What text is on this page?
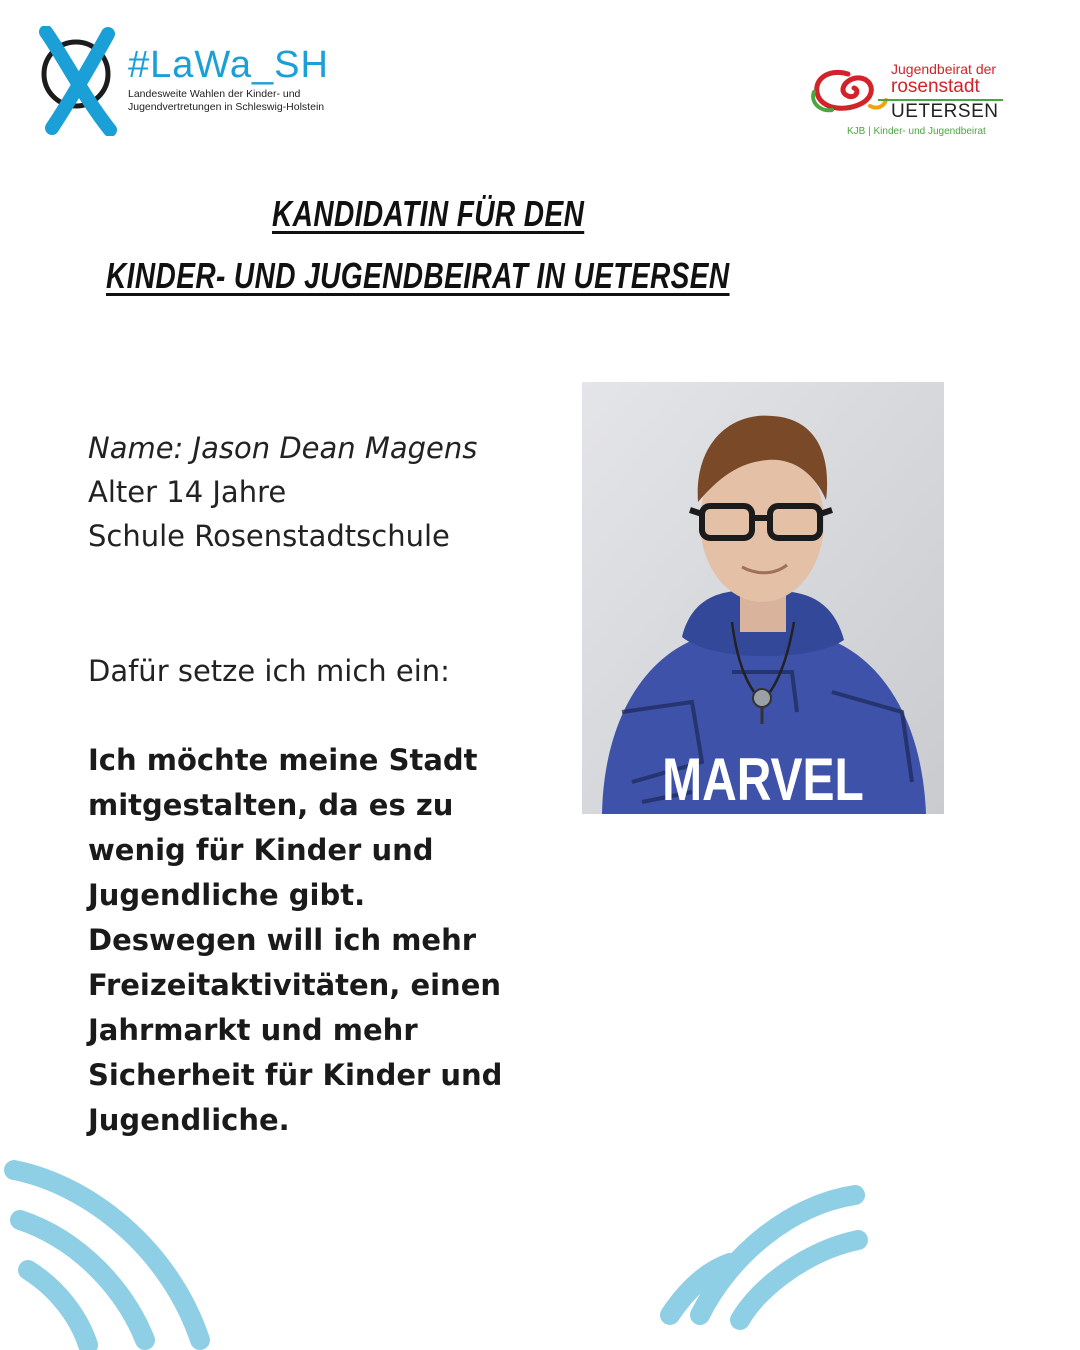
#LaWa_SH
Landesweite Wahlen der Kinder- und Jugendvertretungen in Schleswig-Holstein
Jugendbeirat der
rosenstadt
UETERSEN
KJB | Kinder- und Jugendbeirat
KANDIDATIN FÜR DEN
KINDER- UND JUGENDBEIRAT IN UETERSEN
Name: Jason Dean Magens
Alter 14 Jahre
Schule Rosenstadtschule
Dafür setze ich mich ein:
Ich möchte meine Stadt mitgestalten, da es zu wenig für Kinder und Jugendliche gibt. Deswegen will ich mehr Freizeitaktivitäten, einen Jahrmarkt und mehr Sicherheit für Kinder und Jugendliche.
MARVEL
